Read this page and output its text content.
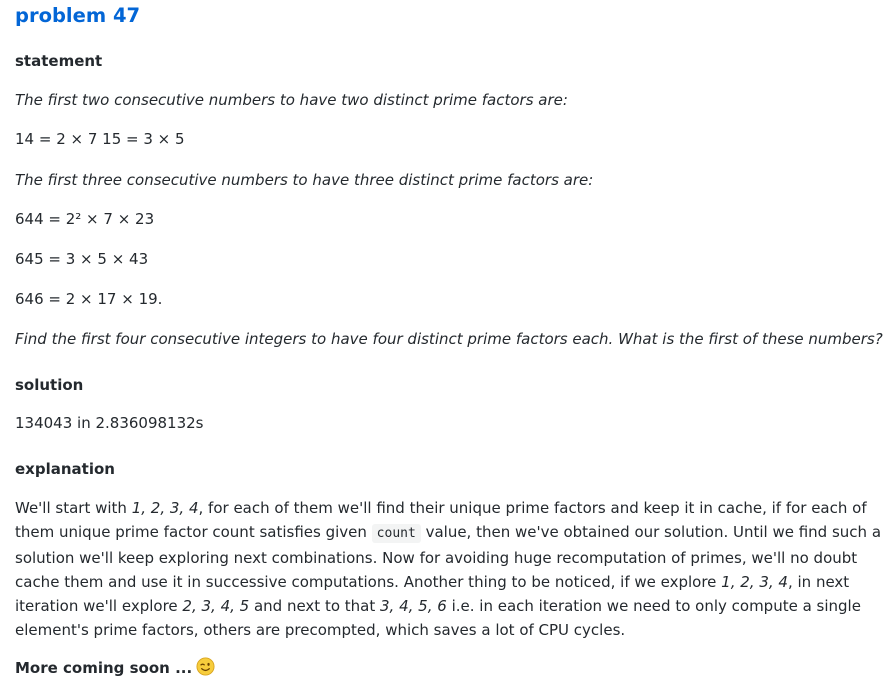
problem 47
statement

The first two consecutive numbers to have two distinct prime factors are:

14 = 2 × 7 15 = 3 × 5

The first three consecutive numbers to have three distinct prime factors are:

644 = 2² × 7 × 23

645 = 3 × 5 × 43

646 = 2 × 17 × 19.

Find the first four consecutive integers to have four distinct prime factors each. What is the first of these numbers?

solution

134043 in 2.836098132s

explanation

We'll start with 1, 2, 3, 4, for each of them we'll find their unique prime factors and keep it in cache, if for each of them unique prime factor count satisfies given count value, then we've obtained our solution. Until we find such a solution we'll keep exploring next combinations. Now for avoiding huge recomputation of primes, we'll no doubt cache them and use it in successive computations. Another thing to be noticed, if we explore 1, 2, 3, 4, in next iteration we'll explore 2, 3, 4, 5 and next to that 3, 4, 5, 6 i.e. in each iteration we need to only compute a single element's prime factors, others are precompted, which saves a lot of CPU cycles.

More coming soon ...
